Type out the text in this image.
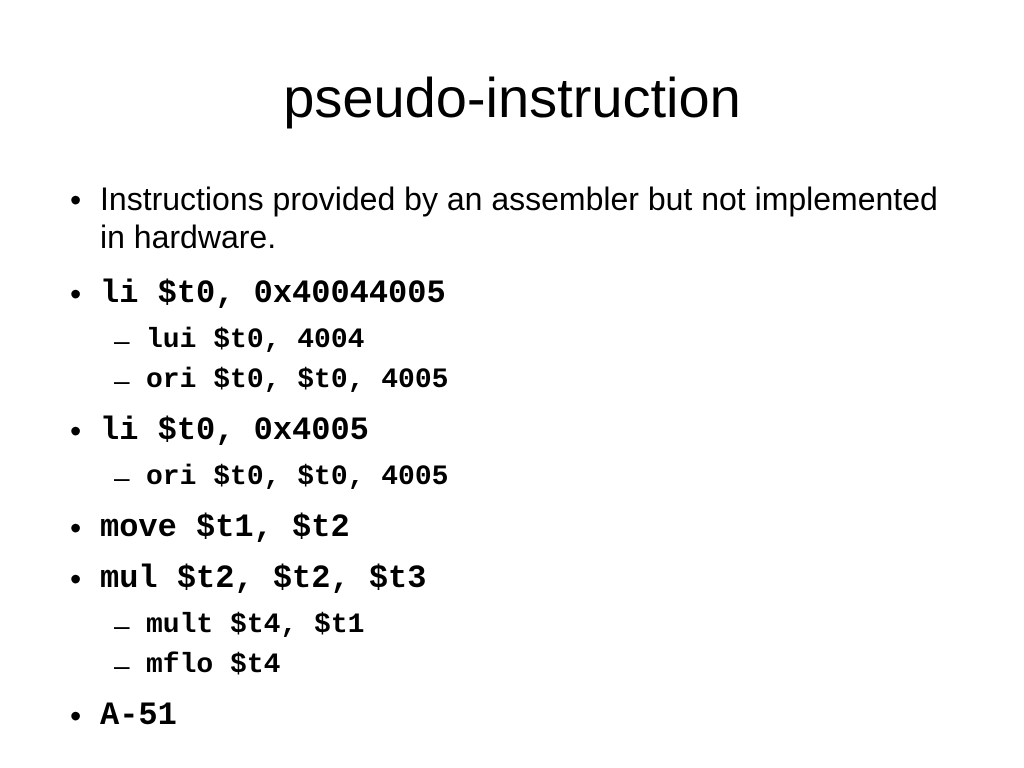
pseudo-instruction
• Instructions provided by an assembler but not implemented in hardware.
• li $t0, 0x40044005
– lui $t0, 4004
– ori $t0, $t0, 4005
• li $t0, 0x4005
– ori $t0, $t0, 4005
• move $t1, $t2
• mul $t2, $t2, $t3
– mult $t4, $t1
– mflo $t4
• A-51
